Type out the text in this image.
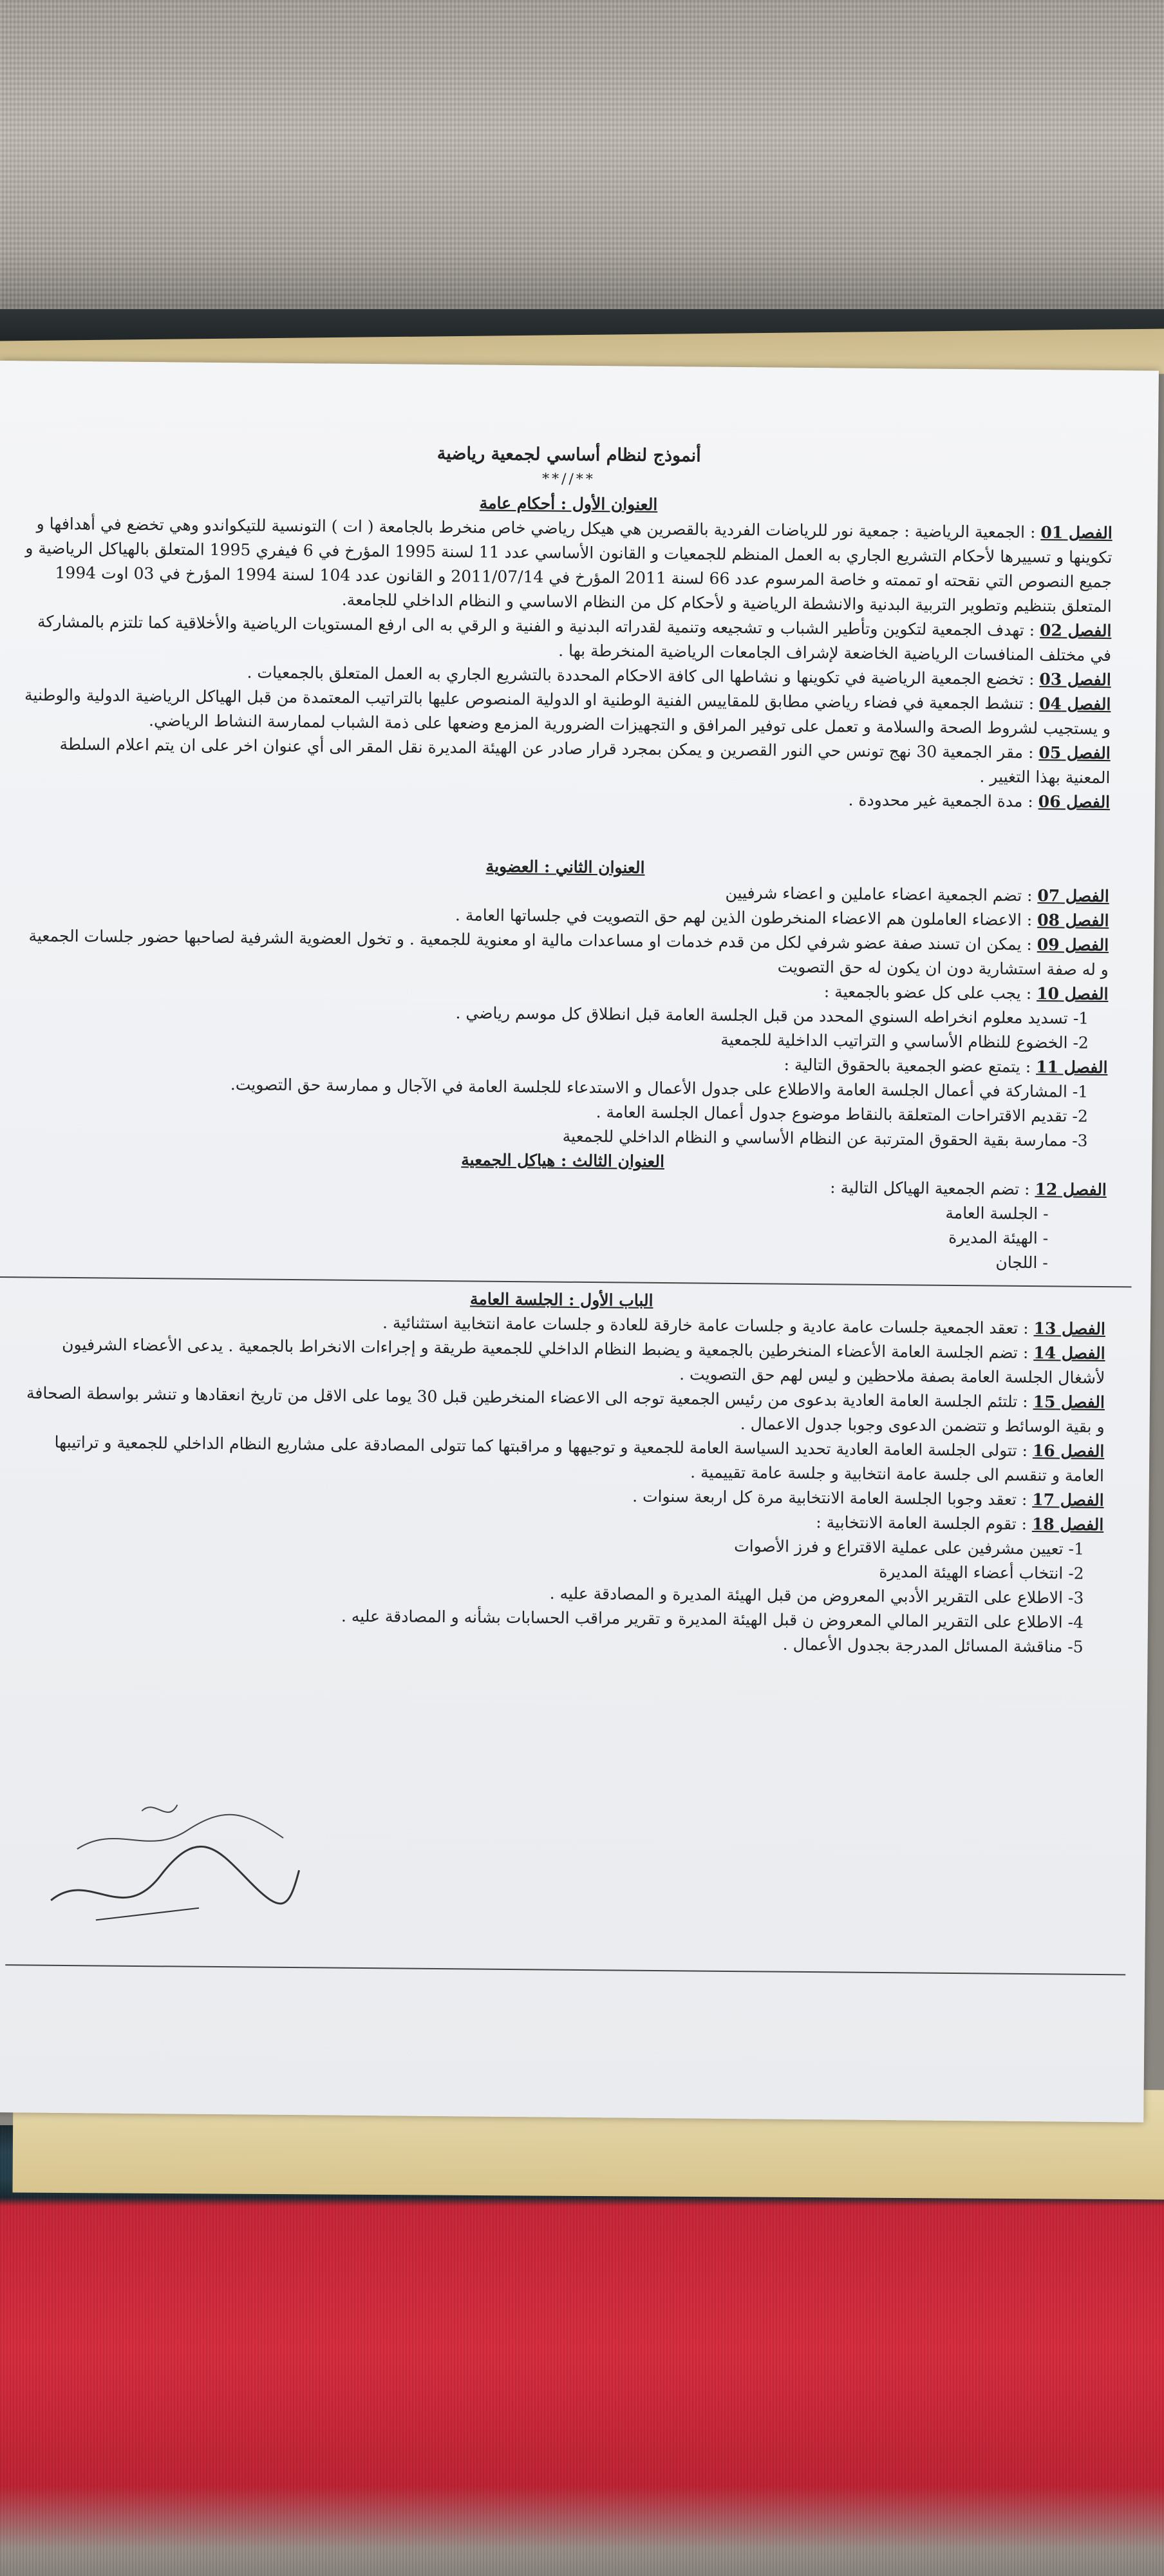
أنموذج لنظام أساسي لجمعية رياضية

**//**

العنوان الأول : أحكام عامة

الفصل 01 : الجمعية الرياضية : جمعية نور للرياضات الفردية بالقصرين هي هيكل رياضي خاص منخرط بالجامعة ( ات ) التونسية للتيكواندو وهي تخضع في أهدافها و تكوينها و تسييرها لأحكام التشريع الجاري به العمل المنظم للجمعيات و القانون الأساسي عدد 11 لسنة 1995 المؤرخ في 6 فيفري 1995 المتعلق بالهياكل الرياضية و جميع النصوص التي نقحته او تممته و خاصة المرسوم عدد 66 لسنة 2011 المؤرخ في 2011/07/14 و القانون عدد 104 لسنة 1994 المؤرخ في 03 اوت 1994 المتعلق بتنظيم وتطوير التربية البدنية والانشطة الرياضية و لأحكام كل من النظام الاساسي و النظام الداخلي للجامعة.

الفصل 02 : تهدف الجمعية لتكوين وتأطير الشباب و تشجيعه وتنمية لقدراته البدنية و الفنية و الرقي به الى ارفع المستويات الرياضية والأخلاقية كما تلتزم بالمشاركة في مختلف المنافسات الرياضية الخاضعة لإشراف الجامعات الرياضية المنخرطة بها .

الفصل 03 : تخضع الجمعية الرياضية في تكوينها و نشاطها الى كافة الاحكام المحددة بالتشريع الجاري به العمل المتعلق بالجمعيات .

الفصل 04 : تنشط الجمعية في فضاء رياضي مطابق للمقاييس الفنية الوطنية او الدولية المنصوص عليها بالتراتيب المعتمدة من قبل الهياكل الرياضية الدولية والوطنية و يستجيب لشروط الصحة والسلامة و تعمل على توفير المرافق و التجهيزات الضرورية المزمع وضعها على ذمة الشباب لممارسة النشاط الرياضي.

الفصل 05 : مقر الجمعية 30 نهج تونس حي النور القصرين و يمكن بمجرد قرار صادر عن الهيئة المديرة نقل المقر الى أي عنوان اخر على ان يتم اعلام السلطة المعنية بهذا التغيير .

الفصل 06 : مدة الجمعية غير محدودة .

العنوان الثاني : العضوية

الفصل 07 : تضم الجمعية اعضاء عاملين و اعضاء شرفيين

الفصل 08 : الاعضاء العاملون هم الاعضاء المنخرطون الذين لهم حق التصويت في جلساتها العامة .

الفصل 09 : يمكن ان تسند صفة عضو شرفي لكل من قدم خدمات او مساعدات مالية او معنوية للجمعية . و تخول العضوية الشرفية لصاحبها حضور جلسات الجمعية و له صفة استشارية دون ان يكون له حق التصويت

الفصل 10 : يجب على كل عضو بالجمعية :

1- تسديد معلوم انخراطه السنوي المحدد من قبل الجلسة العامة قبل انطلاق كل موسم رياضي .

2- الخضوع للنظام الأساسي و التراتيب الداخلية للجمعية

الفصل 11 : يتمتع عضو الجمعية بالحقوق التالية :

1- المشاركة في أعمال الجلسة العامة والاطلاع على جدول الأعمال و الاستدعاء للجلسة العامة في الآجال و ممارسة حق التصويت.

2- تقديم الاقتراحات المتعلقة بالنقاط موضوع جدول أعمال الجلسة العامة .

3- ممارسة بقية الحقوق المترتبة عن النظام الأساسي و النظام الداخلي للجمعية

العنوان الثالث : هياكل الجمعية

الفصل 12 : تضم الجمعية الهياكل التالية :

- الجلسة العامة

- الهيئة المديرة

- اللجان

الباب الأول : الجلسة العامة

الفصل 13 : تعقد الجمعية جلسات عامة عادية و جلسات عامة خارقة للعادة و جلسات عامة انتخابية استثنائية .

الفصل 14 : تضم الجلسة العامة الأعضاء المنخرطين بالجمعية و يضبط النظام الداخلي للجمعية طريقة و إجراءات الانخراط بالجمعية . يدعى الأعضاء الشرفيون لأشغال الجلسة العامة بصفة ملاحظين و ليس لهم حق التصويت .

الفصل 15 : تلتئم الجلسة العامة العادية بدعوى من رئيس الجمعية توجه الى الاعضاء المنخرطين قبل 30 يوما على الاقل من تاريخ انعقادها و تنشر بواسطة الصحافة و بقية الوسائط و تتضمن الدعوى وجوبا جدول الاعمال .

الفصل 16 : تتولى الجلسة العامة العادية تحديد السياسة العامة للجمعية و توجيهها و مراقبتها كما تتولى المصادقة على مشاريع النظام الداخلي للجمعية و تراتيبها العامة و تنقسم الى جلسة عامة انتخابية و جلسة عامة تقييمية .

الفصل 17 : تعقد وجوبا الجلسة العامة الانتخابية مرة كل اربعة سنوات .

الفصل 18 : تقوم الجلسة العامة الانتخابية :

1- تعيين مشرفين على عملية الاقتراع و فرز الأصوات

2- انتخاب أعضاء الهيئة المديرة

3- الاطلاع على التقرير الأدبي المعروض من قبل الهيئة المديرة و المصادقة عليه .

4- الاطلاع على التقرير المالي المعروض ن قبل الهيئة المديرة و تقرير مراقب الحسابات بشأنه و المصادقة عليه .

5- مناقشة المسائل المدرجة بجدول الأعمال .
